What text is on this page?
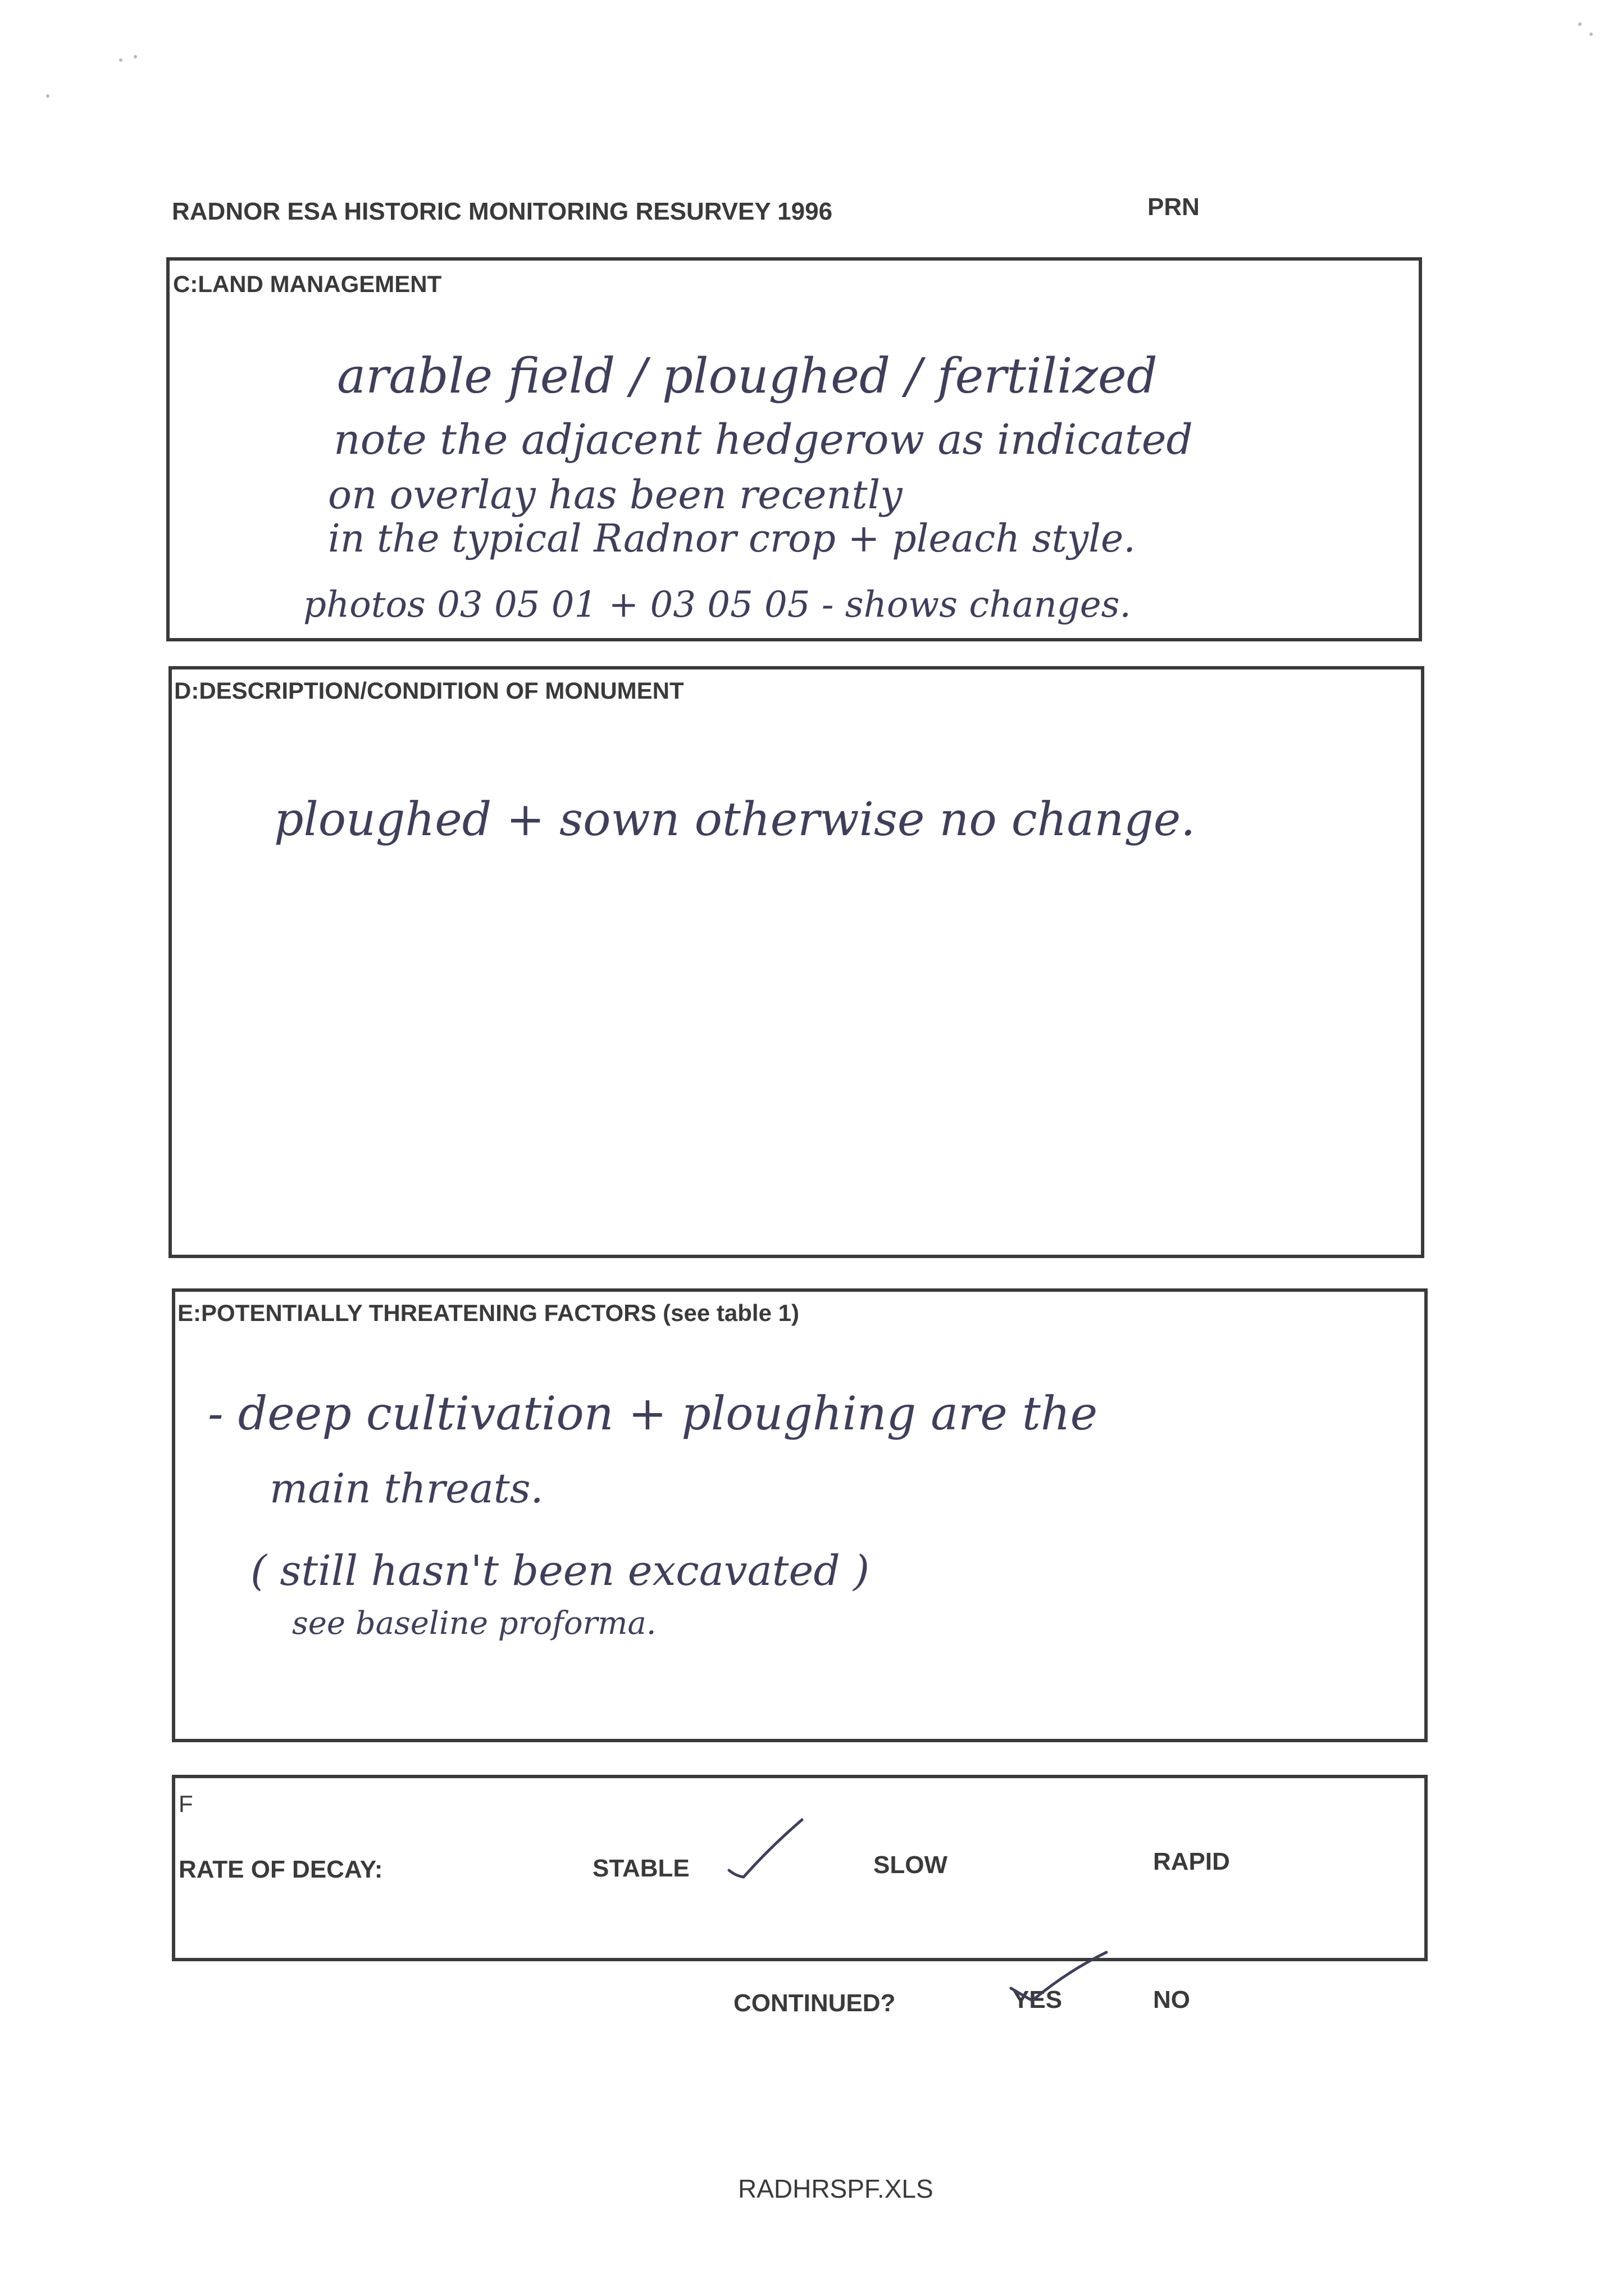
RADNOR ESA HISTORIC MONITORING RESURVEY 1996	PRN
C:LAND MANAGEMENT
arable field / ploughed / fertilized
note the adjacent hedgerow as indicated
on overlay has been recently
in the typical Radnor crop + pleach style.
photos 03 05 01 + 03 05 05 - shows changes.
D:DESCRIPTION/CONDITION OF MONUMENT
ploughed + sown otherwise no change.
E:POTENTIALLY THREATENING FACTORS (see table 1)
- deep cultivation + ploughing are the
main threats.
( still hasn't been excavated )
see baseline proforma.
F
RATE OF DECAY:	STABLE	SLOW	RAPID
CONTINUED?	YES	NO
RADHRSPF.XLS
